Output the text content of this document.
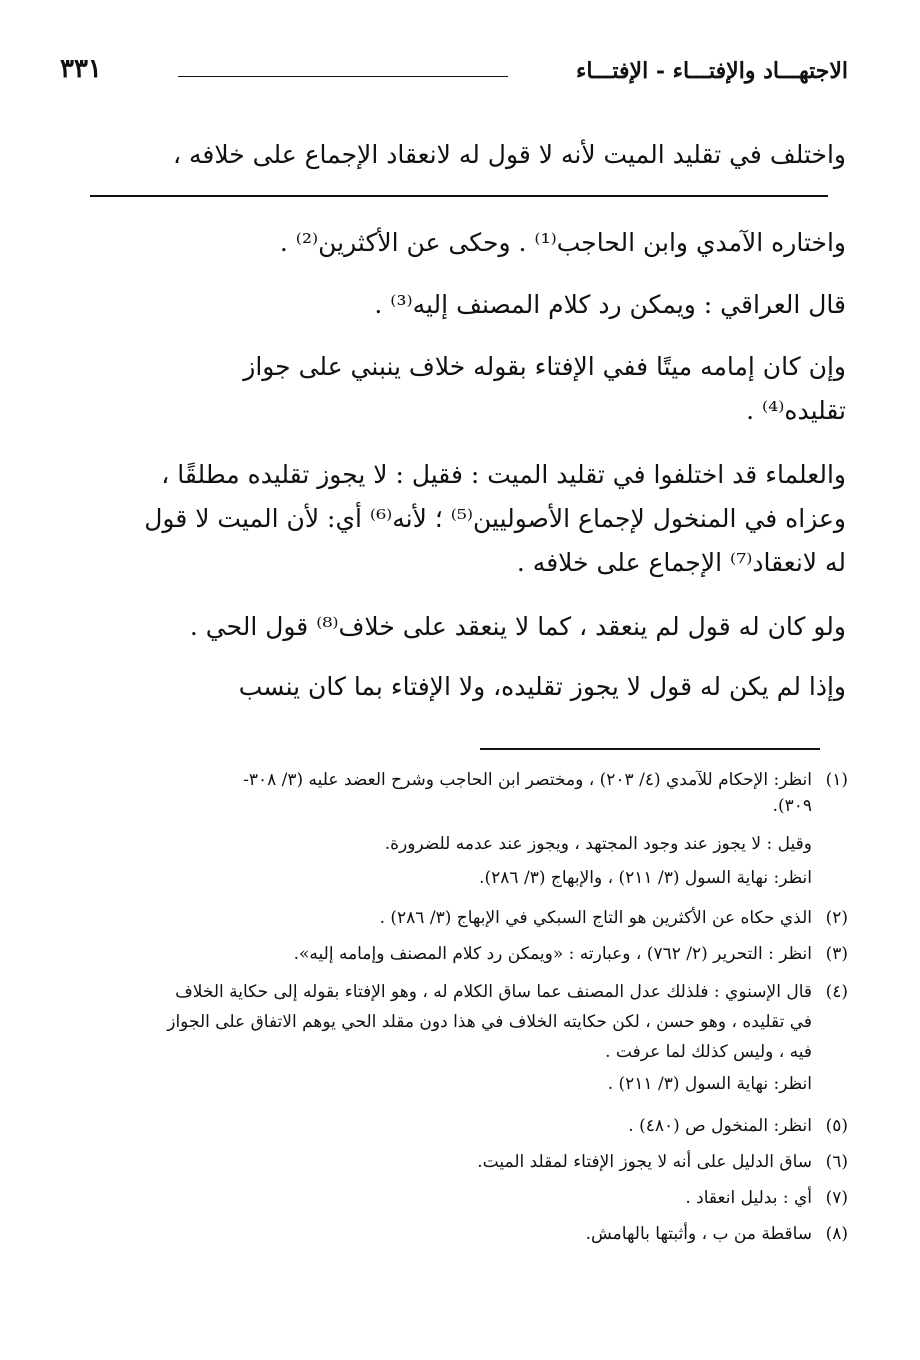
الاجتهـــاد والإفتـــاء - الإفتـــاء
٣٣١
واختلف في تقليد الميت لأنه لا قول له لانعقاد الإجماع على خلافه ،
واختاره الآمدي وابن الحاجب⁽¹⁾ . وحكى عن الأكثرين⁽²⁾ .
قال العراقي : ويمكن رد كلام المصنف إليه⁽³⁾ .
وإن كان إمامه ميتًا ففي الإفتاء بقوله خلاف ينبني على جواز
تقليده⁽⁴⁾ .
والعلماء قد اختلفوا في تقليد الميت : فقيل : لا يجوز تقليده مطلقًا ،
وعزاه في المنخول لإجماع الأصوليين⁽⁵⁾ ؛ لأنه⁽⁶⁾ أي: لأن الميت لا قول
له لانعقاد⁽⁷⁾ الإجماع على خلافه .
ولو كان له قول لم ينعقد ، كما لا ينعقد على خلاف⁽⁸⁾ قول الحي .
وإذا لم يكن له قول لا يجوز تقليده، ولا الإفتاء بما كان ينسب
(١)انظر: الإحكام للآمدي (٤/ ٢٠٣) ، ومختصر ابن الحاجب وشرح العضد عليه (٣/ ٣٠٨-
٣٠٩).
وقيل : لا يجوز عند وجود المجتهد ، ويجوز عند عدمه للضرورة.
انظر: نهاية السول (٣/ ٢١١) ، والإبهاج (٣/ ٢٨٦).
(٢)الذي حكاه عن الأكثرين هو التاج السبكي في الإبهاج (٣/ ٢٨٦) .
(٣)انظر : التحرير (٢/ ٧٦٢) ، وعبارته : «ويمكن رد كلام المصنف وإمامه إليه».
(٤)قال الإسنوي : فلذلك عدل المصنف عما ساق الكلام له ، وهو الإفتاء بقوله إلى حكاية الخلاف
في تقليده ، وهو حسن ، لكن حكايته الخلاف في هذا دون مقلد الحي يوهم الاتفاق على الجواز
فيه ، وليس كذلك لما عرفت .
انظر: نهاية السول (٣/ ٢١١) .
(٥)انظر: المنخول ص (٤٨٠) .
(٦)ساق الدليل على أنه لا يجوز الإفتاء لمقلد الميت.
(٧)أي : بدليل انعقاد .
(٨)ساقطة من ب ، وأثبتها بالهامش.
